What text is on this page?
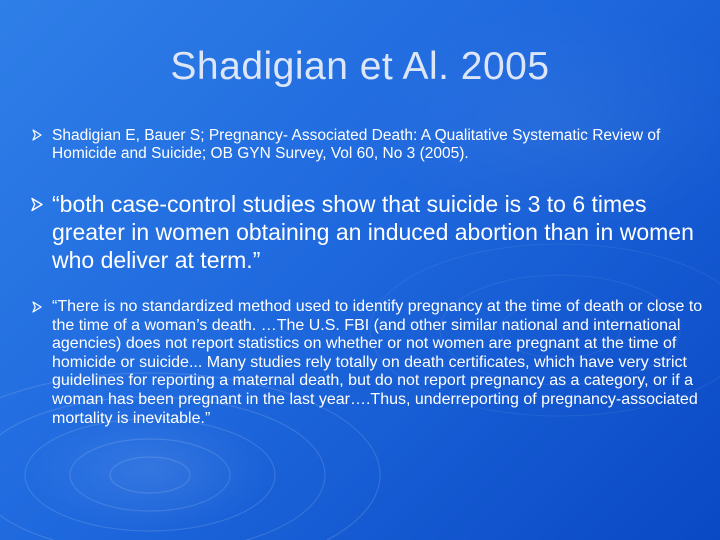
Shadigian et Al. 2005
Shadigian E, Bauer S; Pregnancy- Associated Death: A Qualitative Systematic Review of Homicide and Suicide; OB GYN Survey, Vol 60, No 3 (2005).
“both case-control studies show that suicide is 3 to 6 times greater in women obtaining an induced abortion than in women who deliver at term.”
“There is no standardized method used to identify pregnancy at the time of death or close to the time of a woman’s death. …The U.S. FBI (and other similar national and international agencies) does not report statistics on whether or not women are pregnant at the time of homicide or suicide... Many studies rely totally on death certificates, which have very strict guidelines for reporting a maternal death, but do not report pregnancy as a category, or if a woman has been pregnant in the last year….Thus, underreporting of pregnancy-associated mortality is inevitable.”
